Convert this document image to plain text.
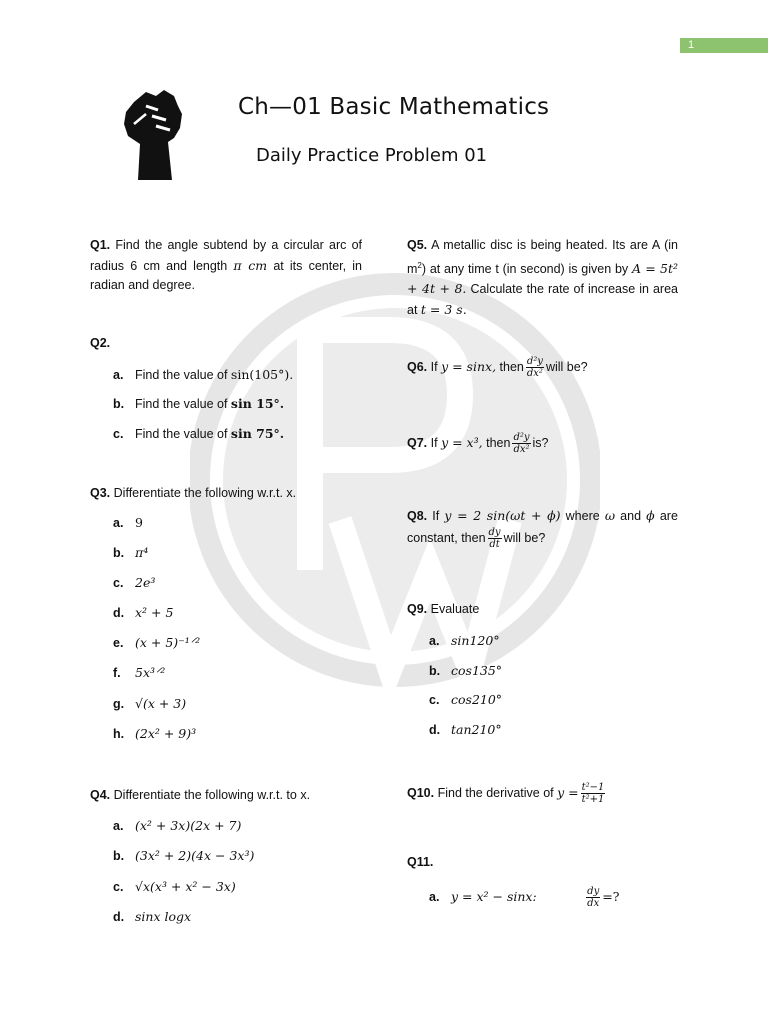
1
Ch—01 Basic Mathematics
Daily Practice Problem 01
Q1. Find the angle subtend by a circular arc of radius 6 cm and length π cm at its center, in radian and degree.
Q2.
a. Find the value of sin(105°).
b. Find the value of sin 15°.
c. Find the value of sin 75°.
Q3. Differentiate the following w.r.t. x.
a. 9
b. π⁴
c. 2e³
d. x² + 5
e. (x + 5)⁻¹ᐟ²
f. 5x³ᐟ²
g. √(x + 3)
h. (2x² + 9)³
Q4. Differentiate the following w.r.t. to x.
a. (x² + 3x)(2x + 7)
b. (3x² + 2)(4x − 3x³)
c. √x(x³ + x² − 3x)
d. sinx logx
Q5. A metallic disc is being heated. Its are A (in $m^2$) at any time t (in second) is given by A = 5t² + 4t + 8. Calculate the rate of increase in area at t = 3 s.
Q6. If y = sinx, then $\frac{\text{d²y}}{\text{dx²}}$ will be?
Q7. If y = x³, then $\frac{\text{d²y}}{\text{dx²}}$ is?
Q8. If y = 2 sin(ωt + ϕ) where ω and ϕ are constant, then $\frac{dy}{dt}$ will be?
Q9. Evaluate
a. sin120°
b. cos135°
c. cos210°
d. tan210°
Q10. Find the derivative of $y = \frac{\text{t²−1}}{\text{t²+1}}$
Q11.
a. y = x² − sinx:	$\frac{dy}{dx}$ =?
